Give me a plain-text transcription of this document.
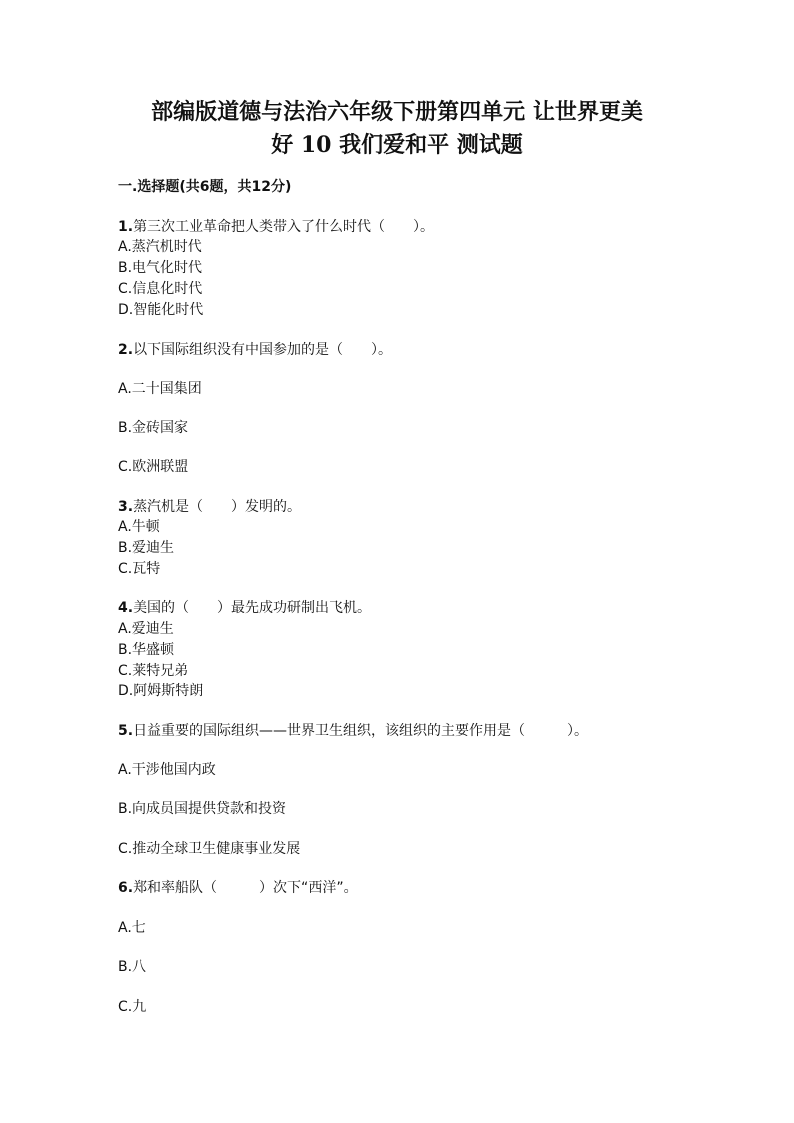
部编版道德与法治六年级下册第四单元 让世界更美
好 10 我们爱和平 测试题
一.选择题(共6题，共12分)
1.第三次工业革命把人类带入了什么时代（　　）。
A.蒸汽机时代
B.电气化时代
C.信息化时代
D.智能化时代
2.以下国际组织没有中国参加的是（　　）。
A.二十国集团
B.金砖国家
C.欧洲联盟
3.蒸汽机是（　　）发明的。
A.牛顿
B.爱迪生
C.瓦特
4.美国的（　　）最先成功研制出飞机。
A.爱迪生
B.华盛顿
C.莱特兄弟
D.阿姆斯特朗
5.日益重要的国际组织——世界卫生组织，该组织的主要作用是（　　　）。
A.干涉他国内政
B.向成员国提供贷款和投资
C.推动全球卫生健康事业发展
6.郑和率船队（　　　）次下“西洋”。
A.七
B.八
C.九
